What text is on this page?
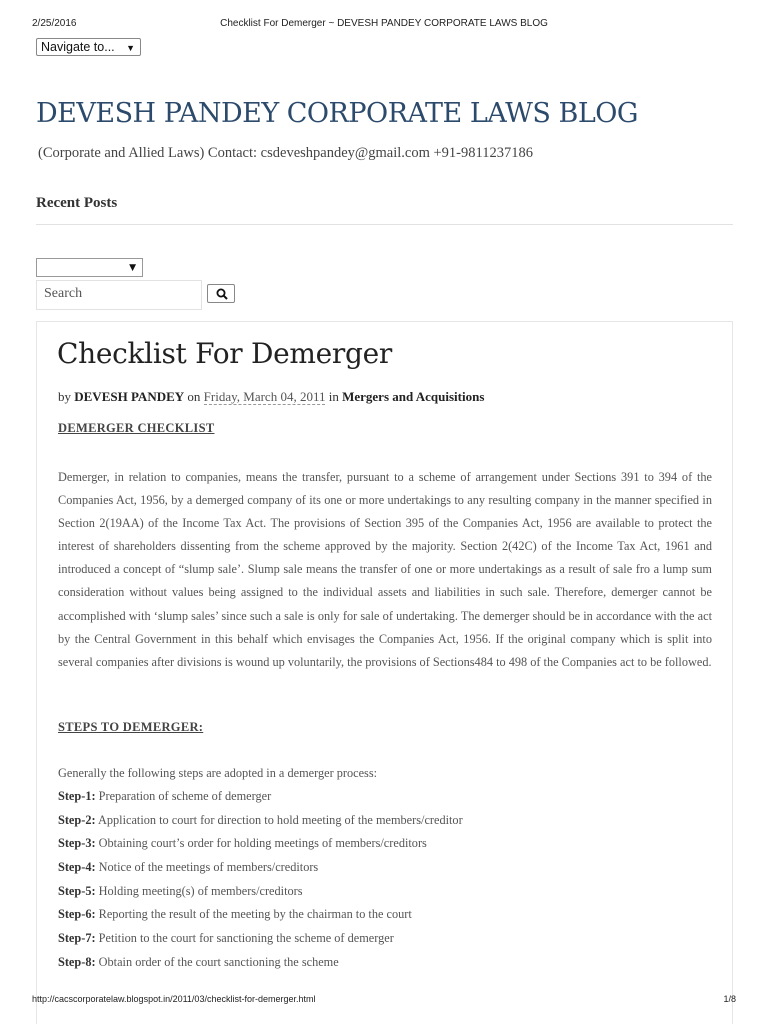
2/25/2016	Checklist For Demerger ~ DEVESH PANDEY CORPORATE LAWS BLOG
Navigate to... ▼
DEVESH PANDEY CORPORATE LAWS BLOG
(Corporate and Allied Laws) Contact: csdeveshpandey@gmail.com +91-9811237186
Recent Posts
▼
Search
Checklist For Demerger
by DEVESH PANDEY on Friday, March 04, 2011 in Mergers and Acquisitions
DEMERGER CHECKLIST
Demerger, in relation to companies, means the transfer, pursuant to a scheme of arrangement under Sections 391 to 394 of the Companies Act, 1956, by a demerged company of its one or more undertakings to any resulting company in the manner specified in Section 2(19AA) of the Income Tax Act. The provisions of Section 395 of the Companies Act, 1956 are available to protect the interest of shareholders dissenting from the scheme approved by the majority. Section 2(42C) of the Income Tax Act, 1961 and introduced a concept of “slump sale’. Slump sale means the transfer of one or more undertakings as a result of sale fro a lump sum consideration without values being assigned to the individual assets and liabilities in such sale. Therefore, demerger cannot be accomplished with ‘slump sales’ since such a sale is only for sale of undertaking. The demerger should be in accordance with the act by the Central Government in this behalf which envisages the Companies Act, 1956. If the original company which is split into several companies after divisions is wound up voluntarily, the provisions of Sections484 to 498 of the Companies act to be followed.
STEPS TO DEMERGER:
Generally the following steps are adopted in a demerger process:
Step-1: Preparation of scheme of demerger
Step-2: Application to court for direction to hold meeting of the members/creditor
Step-3: Obtaining court’s order for holding meetings of members/creditors
Step-4: Notice of the meetings of members/creditors
Step-5: Holding meeting(s) of members/creditors
Step-6: Reporting the result of the meeting by the chairman to the court
Step-7: Petition to the court for sanctioning the scheme of demerger
Step-8: Obtain order of the court sanctioning the scheme
http://cacscorporatelaw.blogspot.in/2011/03/checklist-for-demerger.html	1/8
